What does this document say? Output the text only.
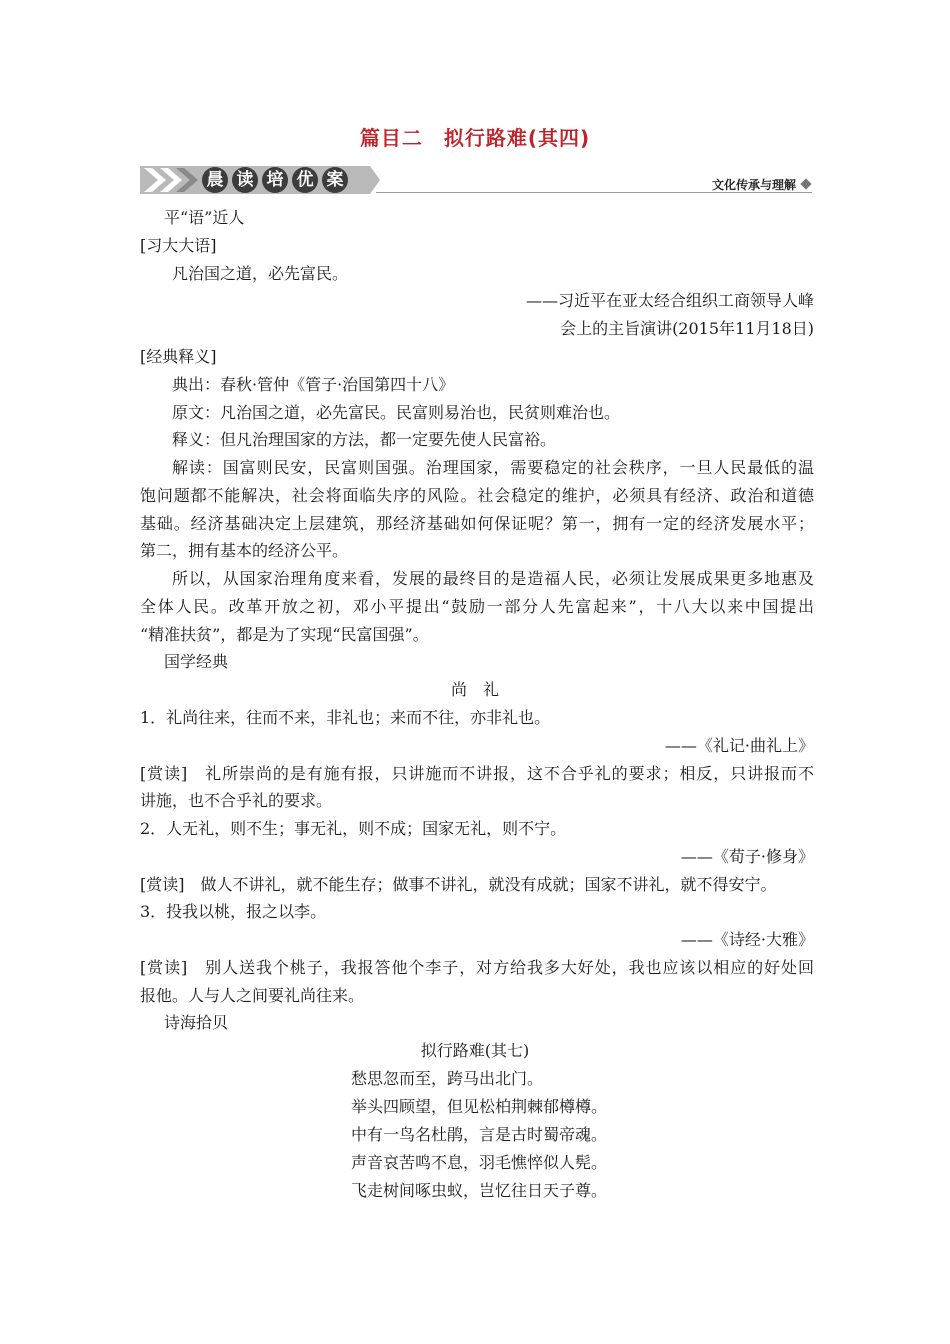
篇目二　拟行路难(其四)
晨 读 培 优 案	文化传承与理解
平“语”近人
[习大大语]
凡治国之道，必先富民。
——习近平在亚太经合组织工商领导人峰
会上的主旨演讲(2015年11月18日)
[经典释义]
典出：春秋·管仲《管子·治国第四十八》
原文：凡治国之道，必先富民。民富则易治也，民贫则难治也。
释义：但凡治理国家的方法，都一定要先使人民富裕。
解读：国富则民安，民富则国强。治理国家，需要稳定的社会秩序，一旦人民最低的温
饱问题都不能解决，社会将面临失序的风险。社会稳定的维护，必须具有经济、政治和道德
基础。经济基础决定上层建筑，那经济基础如何保证呢？第一，拥有一定的经济发展水平；
第二，拥有基本的经济公平。
所以，从国家治理角度来看，发展的最终目的是造福人民，必须让发展成果更多地惠及
全体人民。改革开放之初，邓小平提出“鼓励一部分人先富起来”，十八大以来中国提出
“精准扶贫”，都是为了实现“民富国强”。
国学经典
尚　礼
1．礼尚往来，往而不来，非礼也；来而不往，亦非礼也。
——《礼记·曲礼上》
[赏读]　礼所崇尚的是有施有报，只讲施而不讲报，这不合乎礼的要求；相反，只讲报而不
讲施，也不合乎礼的要求。
2．人无礼，则不生；事无礼，则不成；国家无礼，则不宁。
——《荀子·修身》
[赏读]　做人不讲礼，就不能生存；做事不讲礼，就没有成就；国家不讲礼，就不得安宁。
3．投我以桃，报之以李。
——《诗经·大雅》
[赏读]　别人送我个桃子，我报答他个李子，对方给我多大好处，我也应该以相应的好处回
报他。人与人之间要礼尚往来。
诗海拾贝
拟行路难(其七)
愁思忽而至，跨马出北门。
举头四顾望，但见松柏荆棘郁樽樽。
中有一鸟名杜鹃，言是古时蜀帝魂。
声音哀苦鸣不息，羽毛憔悴似人髡。
飞走树间啄虫蚁，岂忆往日天子尊。
